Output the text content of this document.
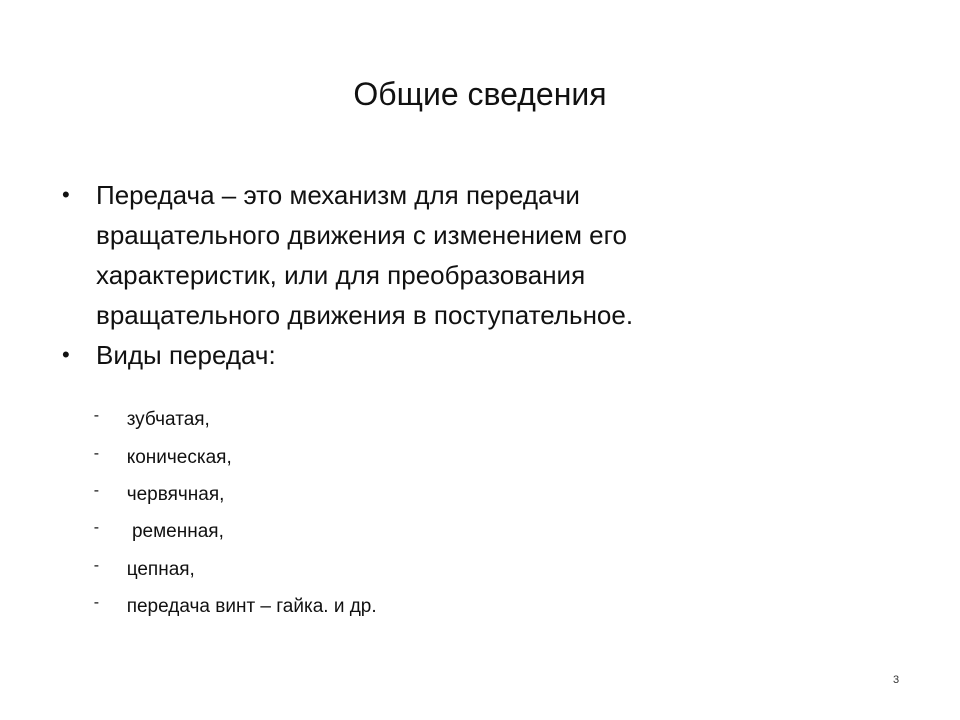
Общие сведения
• Передача – это механизм для передачи
вращательного движения с изменением его
характеристик, или для преобразования
вращательного движения в поступательное.
• Виды передач:

- зубчатая,

- коническая,

- червячная,

- ременная,

- цепная,

- передача винт – гайка. и др.

3
